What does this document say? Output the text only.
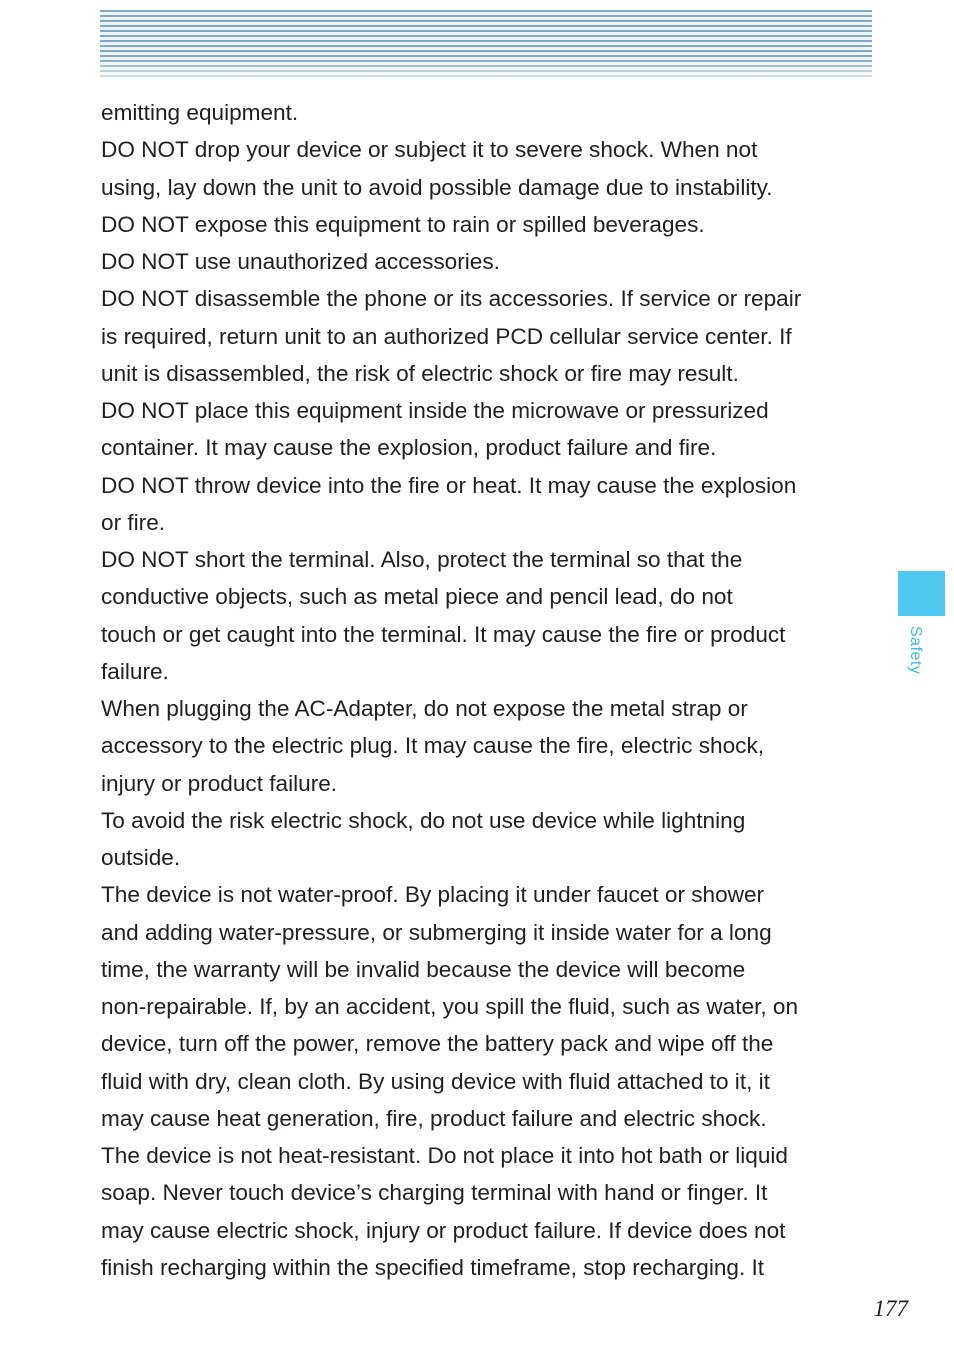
emitting equipment.
DO NOT drop your device or subject it to severe shock. When not
using, lay down the unit to avoid possible damage due to instability.
DO NOT expose this equipment to rain or spilled beverages.
DO NOT use unauthorized accessories.
DO NOT disassemble the phone or its accessories. If service or repair
is required, return unit to an authorized PCD cellular service center. If
unit is disassembled, the risk of electric shock or fire may result.
DO NOT place this equipment inside the microwave or pressurized
container. It may cause the explosion, product failure and fire.
DO NOT throw device into the fire or heat. It may cause the explosion
or fire.
DO NOT short the terminal. Also, protect the terminal so that the
conductive objects, such as metal piece and pencil lead, do not
touch or get caught into the terminal. It may cause the fire or product
failure.
When plugging the AC-Adapter, do not expose the metal strap or
accessory to the electric plug. It may cause the fire, electric shock,
injury or product failure.
To avoid the risk electric shock, do not use device while lightning
outside.
The device is not water-proof. By placing it under faucet or shower
and adding water-pressure, or submerging it inside water for a long
time, the warranty will be invalid because the device will become
non-repairable. If, by an accident, you spill the fluid, such as water, on
device, turn off the power, remove the battery pack and wipe off the
fluid with dry, clean cloth. By using device with fluid attached to it, it
may cause heat generation, fire, product failure and electric shock.
The device is not heat-resistant. Do not place it into hot bath or liquid
soap. Never touch device’s charging terminal with hand or finger. It
may cause electric shock, injury or product failure. If device does not
finish recharging within the specified timeframe, stop recharging. It
Safety
177
